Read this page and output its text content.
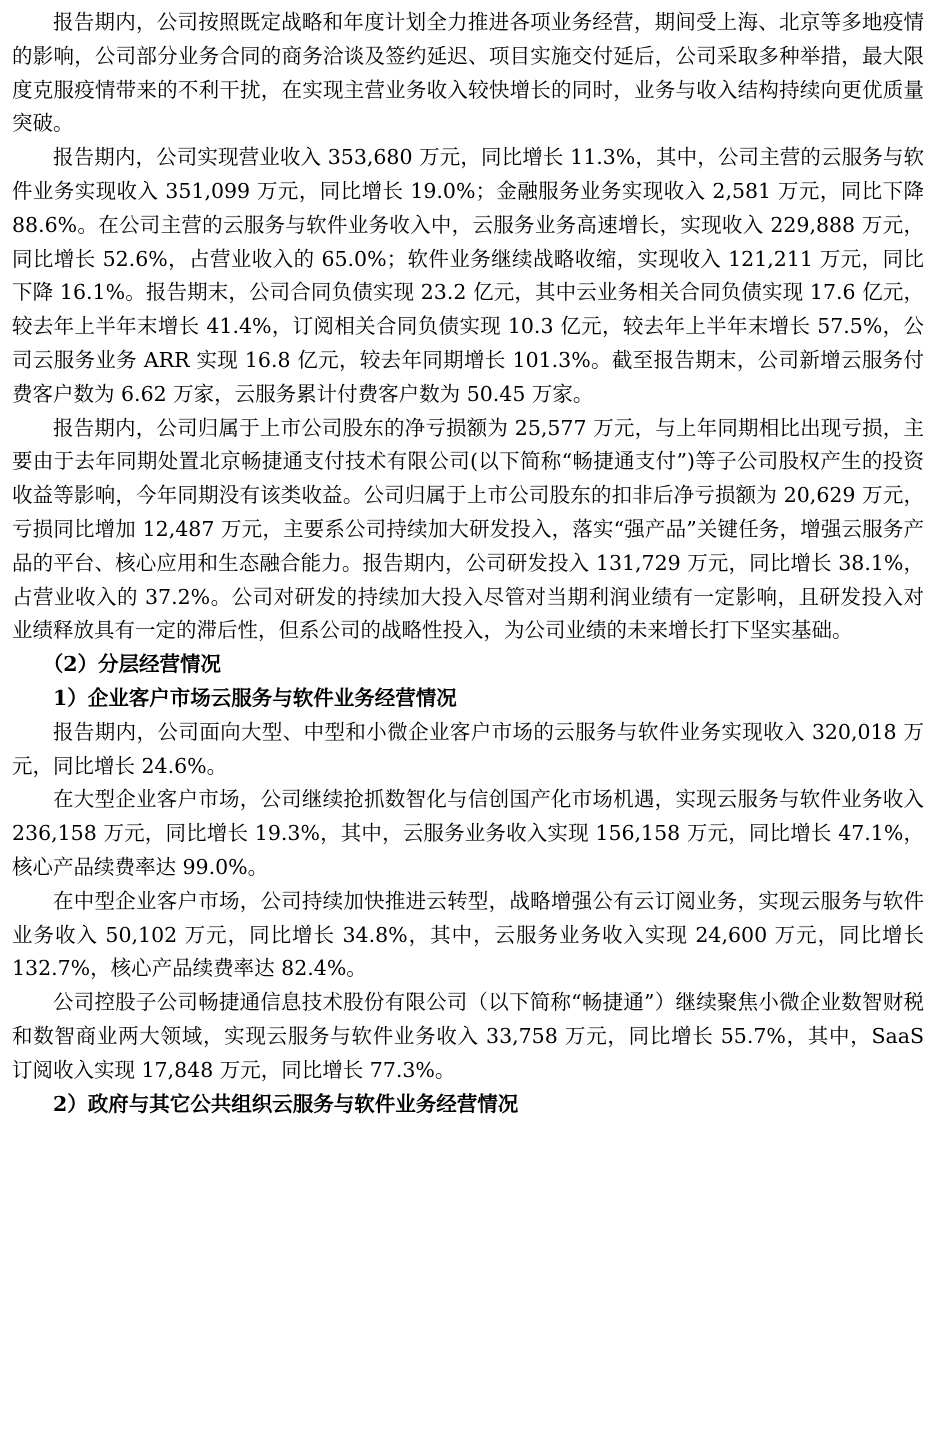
报告期内，公司按照既定战略和年度计划全力推进各项业务经营，期间受上海、北京等多地疫情的影响，公司部分业务合同的商务洽谈及签约延迟、项目实施交付延后，公司采取多种举措，最大限度克服疫情带来的不利干扰，在实现主营业务收入较快增长的同时，业务与收入结构持续向更优质量突破。

报告期内，公司实现营业收入 353,680 万元，同比增长 11.3%，其中，公司主营的云服务与软件业务实现收入 351,099 万元，同比增长 19.0%；金融服务业务实现收入 2,581 万元，同比下降 88.6%。在公司主营的云服务与软件业务收入中，云服务业务高速增长，实现收入 229,888 万元，同比增长 52.6%，占营业收入的 65.0%；软件业务继续战略收缩，实现收入 121,211 万元，同比下降 16.1%。报告期末，公司合同负债实现 23.2 亿元，其中云业务相关合同负债实现 17.6 亿元，较去年上半年末增长 41.4%，订阅相关合同负债实现 10.3 亿元，较去年上半年末增长 57.5%，公司云服务业务 ARR 实现 16.8 亿元，较去年同期增长 101.3%。截至报告期末，公司新增云服务付费客户数为 6.62 万家，云服务累计付费客户数为 50.45 万家。

报告期内，公司归属于上市公司股东的净亏损额为 25,577 万元，与上年同期相比出现亏损，主要由于去年同期处置北京畅捷通支付技术有限公司(以下简称“畅捷通支付”)等子公司股权产生的投资收益等影响，今年同期没有该类收益。公司归属于上市公司股东的扣非后净亏损额为 20,629 万元，亏损同比增加 12,487 万元，主要系公司持续加大研发投入，落实“强产品”关键任务，增强云服务产品的平台、核心应用和生态融合能力。报告期内，公司研发投入 131,729 万元，同比增长 38.1%，占营业收入的 37.2%。公司对研发的持续加大投入尽管对当期利润业绩有一定影响，且研发投入对业绩释放具有一定的滞后性，但系公司的战略性投入，为公司业绩的未来增长打下坚实基础。

（2）分层经营情况
1）企业客户市场云服务与软件业务经营情况

报告期内，公司面向大型、中型和小微企业客户市场的云服务与软件业务实现收入 320,018 万元，同比增长 24.6%。

在大型企业客户市场，公司继续抢抓数智化与信创国产化市场机遇，实现云服务与软件业务收入 236,158 万元，同比增长 19.3%，其中，云服务业务收入实现 156,158 万元，同比增长 47.1%，核心产品续费率达 99.0%。

在中型企业客户市场，公司持续加快推进云转型，战略增强公有云订阅业务，实现云服务与软件业务收入 50,102 万元，同比增长 34.8%，其中，云服务业务收入实现 24,600 万元，同比增长 132.7%，核心产品续费率达 82.4%。

公司控股子公司畅捷通信息技术股份有限公司（以下简称“畅捷通”）继续聚焦小微企业数智财税和数智商业两大领域，实现云服务与软件业务收入 33,758 万元，同比增长 55.7%，其中，SaaS 订阅收入实现 17,848 万元，同比增长 77.3%。

2）政府与其它公共组织云服务与软件业务经营情况
